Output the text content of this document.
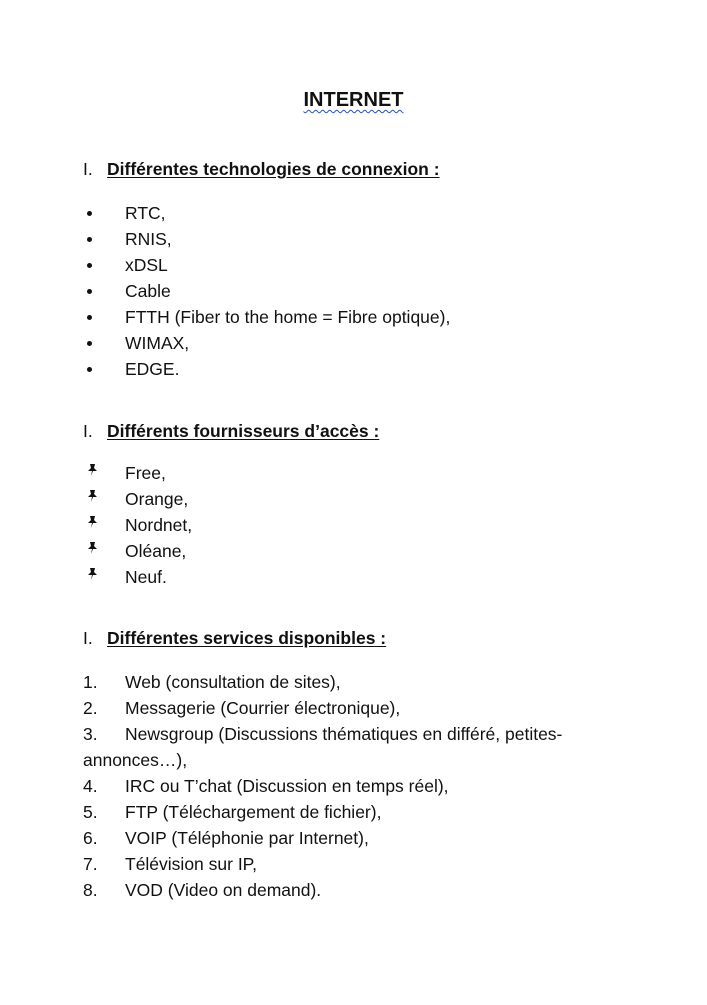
INTERNET
I. Différentes technologies de connexion :
RTC,
RNIS,
xDSL
Cable
FTTH (Fiber to the home = Fibre optique),
WIMAX,
EDGE.
I. Différents fournisseurs d’accès :
Free,
Orange,
Nordnet,
Oléane,
Neuf.
I. Différentes services disponibles :
1. Web (consultation de sites),
2. Messagerie (Courrier électronique),
3.	Newsgroup (Discussions thématiques en différé, petites-annonces…),
4. IRC ou T’chat (Discussion en temps réel),
5. FTP (Téléchargement de fichier),
6. VOIP (Téléphonie par Internet),
7. Télévision sur IP,
8. VOD (Video on demand).
